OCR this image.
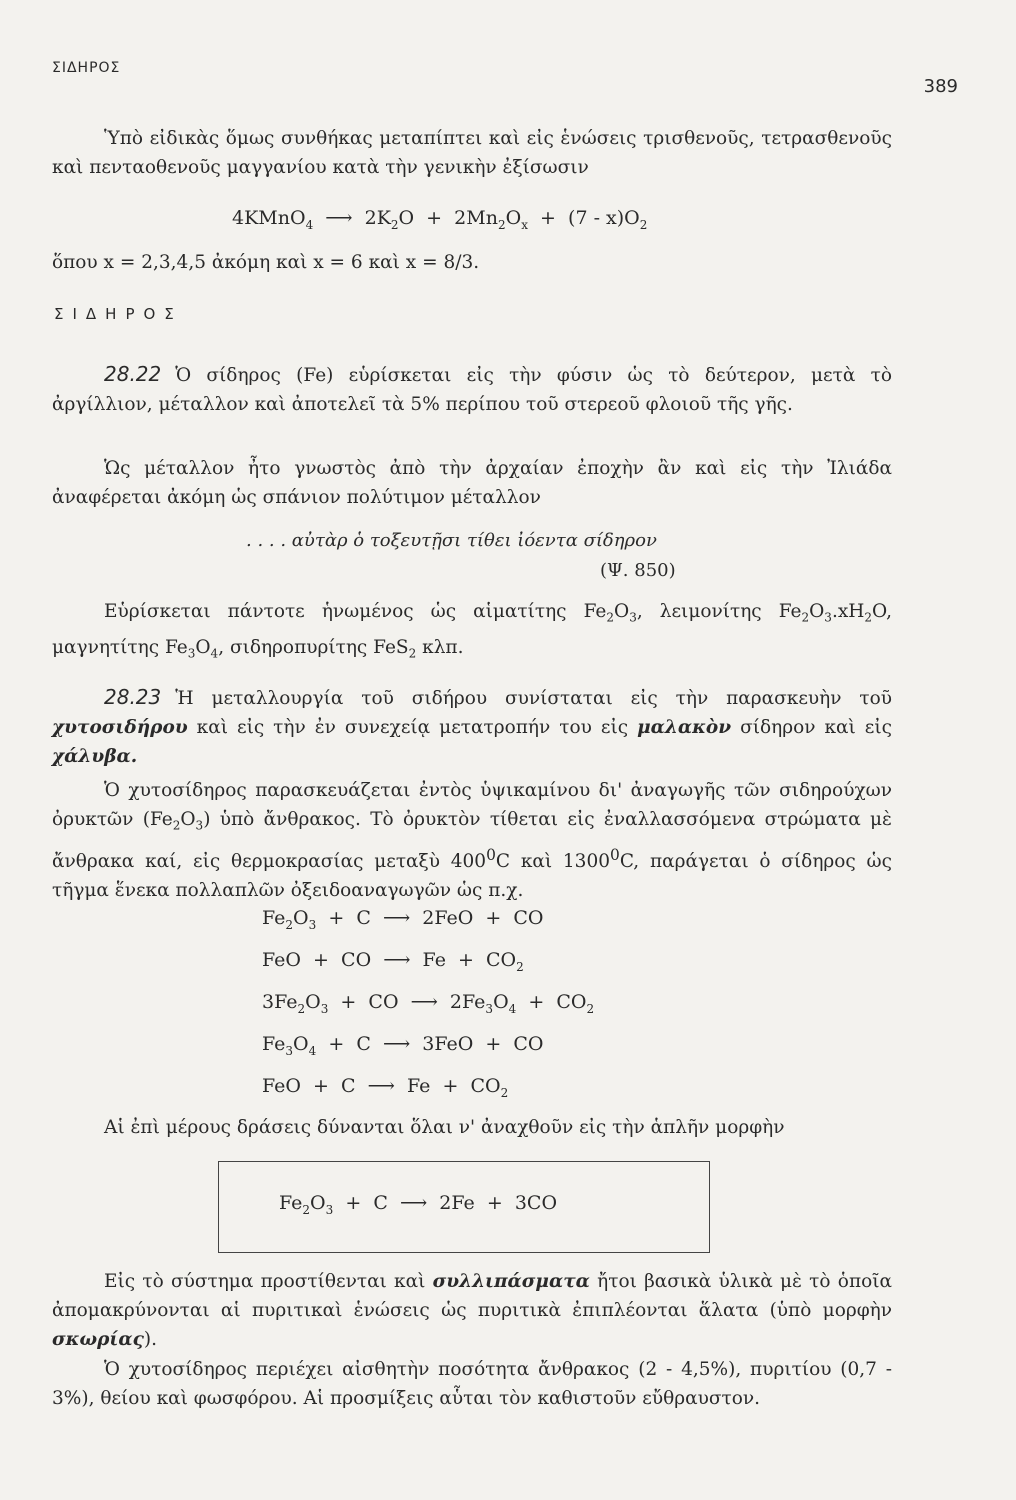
ΣΙΔΗΡΟΣ
389
Ὑπὸ εἰδικὰς ὅμως συνθήκας μεταπίπτει καὶ εἰς ἑνώσεις τρισθενοῦς, τετρασθενοῦς καὶ πενταοθενοῦς μαγγανίου κατὰ τὴν γενικὴν ἐξίσωσιν
4KMnO$_4$  ⟶  $2K_2O + 2Mn_2O_x + (7 - x)O_2$
ὅπου x = 2,3,4,5 ἀκόμη καὶ x = 6 καὶ x = 8/3.
ΣΙΔΗΡΟΣ
28.22 Ὁ σίδηρος (Fe) εὑρίσκεται εἰς τὴν φύσιν ὡς τὸ δεύτερον, μετὰ τὸ ἀργίλλιον, μέταλλον καὶ ἀποτελεῖ τὰ 5% περίπου τοῦ στερεοῦ φλοιοῦ τῆς γῆς.
Ὡς μέταλλον ἦτο γνωστὸς ἀπὸ τὴν ἀρχαίαν ἐποχὴν ἂν καὶ εἰς τὴν Ἰλιάδα ἀναφέρεται ἀκόμη ὡς σπάνιον πολύτιμον μέταλλον
. . . . αὐτὰρ ὁ τοξευτῇσι τίθει ἰόεντα σίδηρον
(Ψ. 850)
Εὑρίσκεται πάντοτε ἡνωμένος ὡς αἱματίτης $Fe_2O_3$, λειμονίτης $Fe_2O_3.xH_2O$, μαγνητίτης $Fe_3O_4$, σιδηροπυρίτης FeS$_2$ κλπ.
28.23 Ἡ μεταλλουργία τοῦ σιδήρου συνίσταται εἰς τὴν παρασκευὴν τοῦ χυτοσιδήρου καὶ εἰς τὴν ἐν συνεχείᾳ μετατροπήν του εἰς μαλακὸν σίδηρον καὶ εἰς χάλυβα.
Ὁ χυτοσίδηρος παρασκευάζεται ἐντὸς ὑψικαμίνου δι' ἀναγωγῆς τῶν σιδηρούχων ὀρυκτῶν $(Fe_2O_3)$ ὑπὸ ἄνθρακος. Τὸ ὀρυκτὸν τίθεται εἰς ἐναλλασσόμενα στρώματα μὲ ἄνθρακα καί, εἰς θερμοκρασίας μεταξὺ $400^0C$ καὶ 1300$^0$C, παράγεται ὁ σίδηρος ὡς τῆγμα ἕνεκα πολλαπλῶν ὀξειδοαναγωγῶν ὡς π.χ.
$Fe_2O_3 + C$  ⟶  2FeO  +  CO
FeO  +  CO  ⟶  $Fe + CO_2$
$3Fe_2O_3$  +  CO  ⟶  $2Fe_3O_4 + CO_2$
$Fe_3O_4 + C$  ⟶  3FeO  +  CO
FeO  +  C  ⟶  $Fe + CO_2$
Αἱ ἐπὶ μέρους δράσεις δύνανται ὅλαι ν' ἀναχθοῦν εἰς τὴν ἁπλῆν μορφὴν
$Fe_2O_3 + C$  ⟶  2Fe  +  3CO
Εἰς τὸ σύστημα προστίθενται καὶ συλλιπάσματα ἤτοι βασικὰ ὑλικὰ μὲ τὸ ὁποῖα ἀπομακρύνονται αἱ πυριτικαὶ ἑνώσεις ὡς πυριτικὰ ἐπιπλέονται ἅλατα (ὑπὸ μορφὴν σκωρίας).
Ὁ χυτοσίδηρος περιέχει αἰσθητὴν ποσότητα ἄνθρακος (2 - 4,5%), πυριτίου (0,7 - 3%), θείου καὶ φωσφόρου. Αἱ προσμίξεις αὗται τὸν καθιστοῦν εὔθραυστον.
